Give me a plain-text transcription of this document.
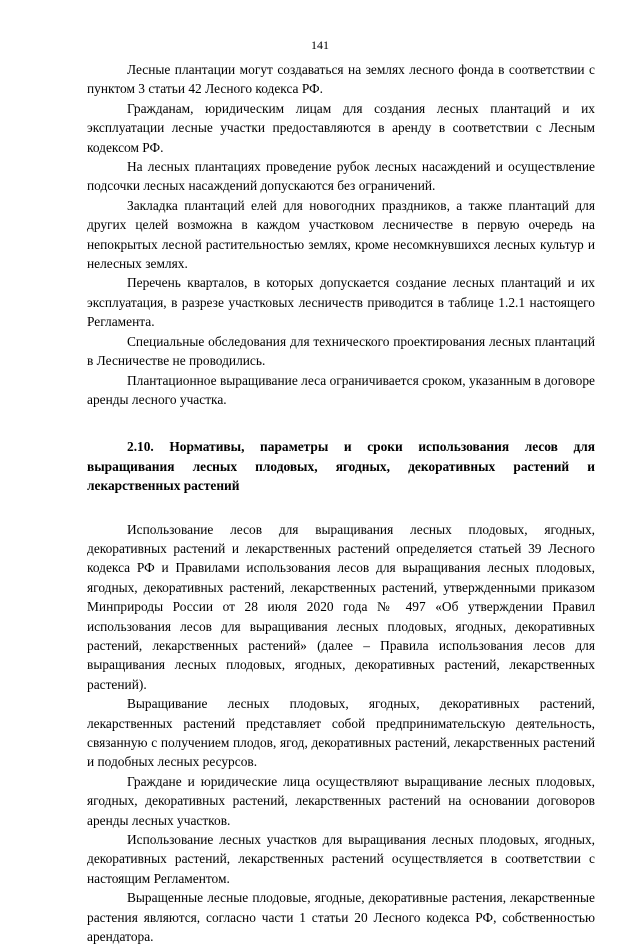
141

Лесные плантации могут создаваться на землях лесного фонда в соответствии с пунктом 3 статьи 42 Лесного кодекса РФ.

Гражданам, юридическим лицам для создания лесных плантаций и их эксплуатации лесные участки предоставляются в аренду в соответствии с Лесным кодексом РФ.

На лесных плантациях проведение рубок лесных насаждений и осуществление подсочки лесных насаждений допускаются без ограничений.

Закладка плантаций елей для новогодних праздников, а также плантаций для других целей возможна в каждом участковом лесничестве в первую очередь на непокрытых лесной растительностью землях, кроме несомкнувшихся лесных культур и нелесных землях.

Перечень кварталов, в которых допускается создание лесных плантаций и их эксплуатация, в разрезе участковых лесничеств приводится в таблице 1.2.1 настоящего Регламента.

Специальные обследования для технического проектирования лесных плантаций в Лесничестве не проводились.

Плантационное выращивание леса ограничивается сроком, указанным в договоре аренды лесного участка.

2.10. Нормативы, параметры и сроки использования лесов для выращивания лесных плодовых, ягодных, декоративных растений и лекарственных растений

Использование лесов для выращивания лесных плодовых, ягодных, декоративных растений и лекарственных растений определяется статьей 39 Лесного кодекса РФ и Правилами использования лесов для выращивания лесных плодовых, ягодных, декоративных растений, лекарственных растений, утвержденными приказом Минприроды России от 28 июля 2020 года № 497 «Об утверждении Правил использования лесов для выращивания лесных плодовых, ягодных, декоративных растений, лекарственных растений» (далее – Правила использования лесов для выращивания лесных плодовых, ягодных, декоративных растений, лекарственных растений).

Выращивание лесных плодовых, ягодных, декоративных растений, лекарственных растений представляет собой предпринимательскую деятельность, связанную с получением плодов, ягод, декоративных растений, лекарственных растений и подобных лесных ресурсов.

Граждане и юридические лица осуществляют выращивание лесных плодовых, ягодных, декоративных растений, лекарственных растений на основании договоров аренды лесных участков.

Использование лесных участков для выращивания лесных плодовых, ягодных, декоративных растений, лекарственных растений осуществляется в соответствии с настоящим Регламентом.

Выращенные лесные плодовые, ягодные, декоративные растения, лекарственные растения являются, согласно части 1 статьи 20 Лесного кодекса РФ, собственностью арендатора.
